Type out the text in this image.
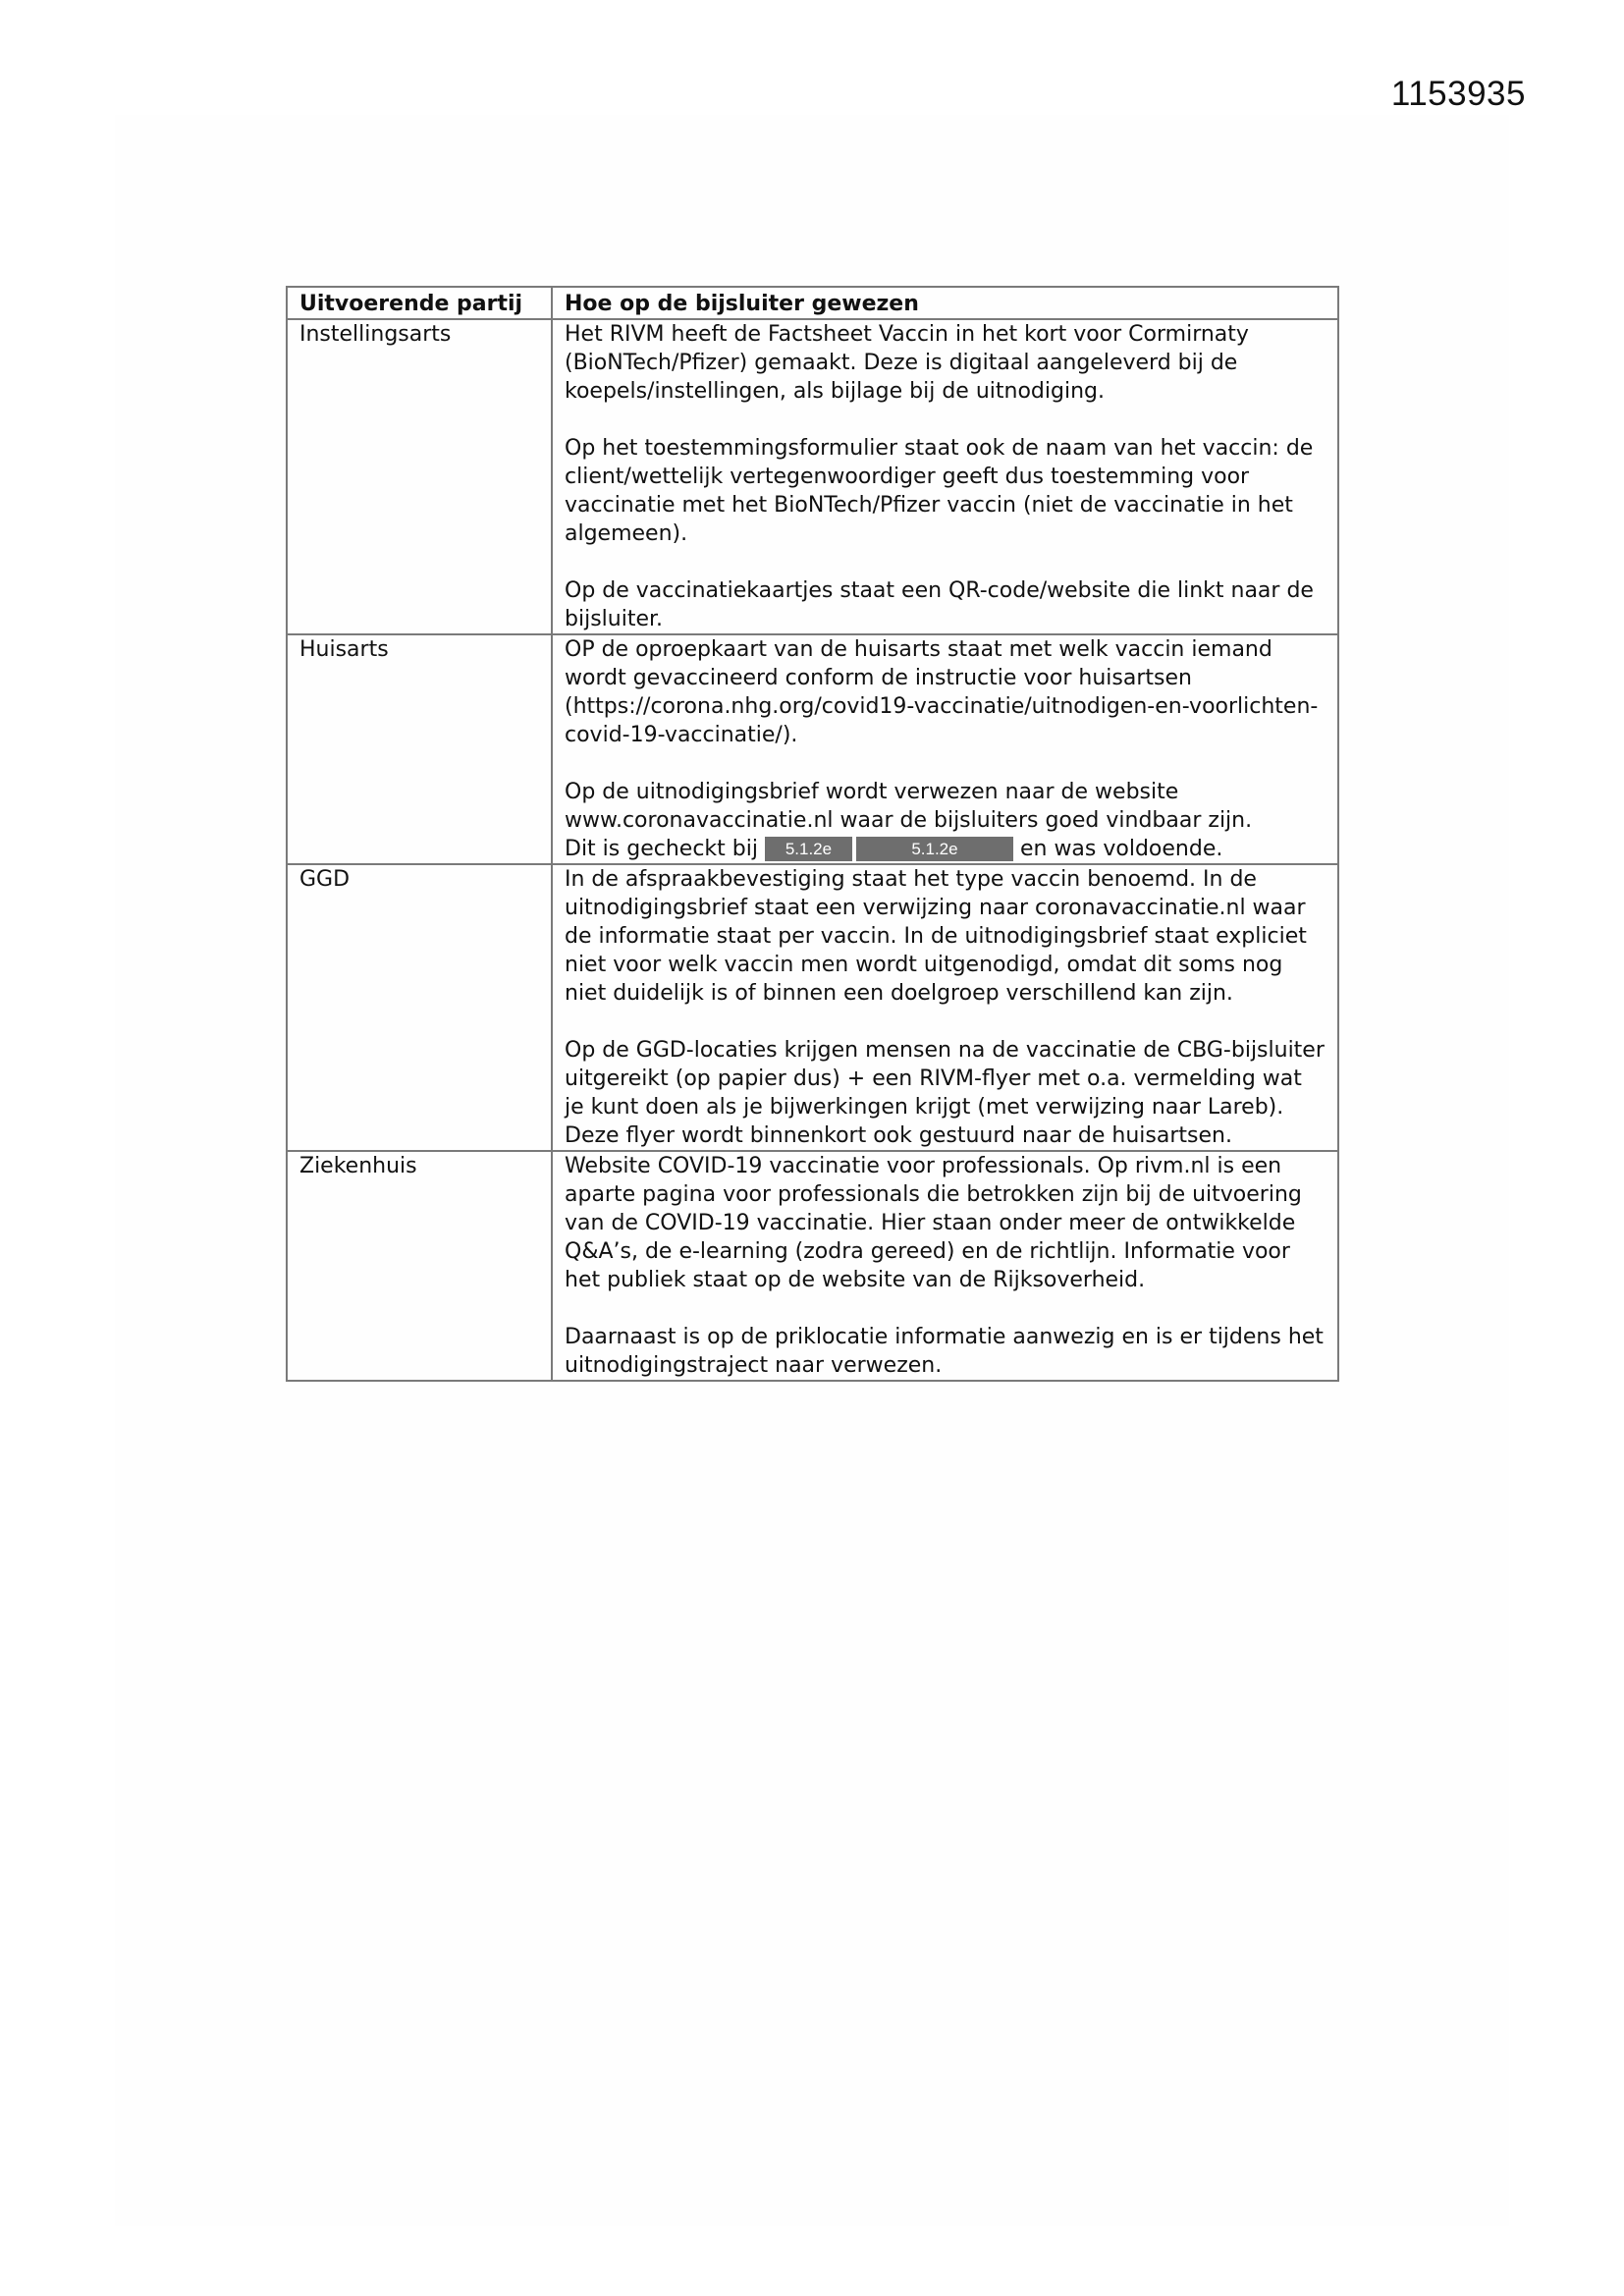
1153935
Uitvoerende partij	Hoe op de bijsluiter gewezen
Instellingsarts	Het RIVM heeft de Factsheet Vaccin in het kort voor Cormirnaty (BioNTech/Pfizer) gemaakt. Deze is digitaal aangeleverd bij de koepels/instellingen, als bijlage bij de uitnodiging.

Op het toestemmingsformulier staat ook de naam van het vaccin: de client/wettelijk vertegenwoordiger geeft dus toestemming voor vaccinatie met het BioNTech/Pfizer vaccin (niet de vaccinatie in het algemeen).

Op de vaccinatiekaartjes staat een QR-code/website die linkt naar de bijsluiter.

Huisarts	OP de oproepkaart van de huisarts staat met welk vaccin iemand wordt gevaccineerd conform de instructie voor huisartsen (https://corona.nhg.org/covid19-vaccinatie/uitnodigen-en-voorlichten-covid-19-vaccinatie/).

Op de uitnodigingsbrief wordt verwezen naar de website www.coronavaccinatie.nl waar de bijsluiters goed vindbaar zijn.
Dit is gecheckt bij 5.1.2e 5.1.2e en was voldoende.

GGD	In de afspraakbevestiging staat het type vaccin benoemd. In de uitnodigingsbrief staat een verwijzing naar coronavaccinatie.nl waar de informatie staat per vaccin. In de uitnodigingsbrief staat expliciet niet voor welk vaccin men wordt uitgenodigd, omdat dit soms nog niet duidelijk is of binnen een doelgroep verschillend kan zijn.

Op de GGD-locaties krijgen mensen na de vaccinatie de CBG-bijsluiter uitgereikt (op papier dus) + een RIVM-flyer met o.a. vermelding wat je kunt doen als je bijwerkingen krijgt (met verwijzing naar Lareb). Deze flyer wordt binnenkort ook gestuurd naar de huisartsen.

Ziekenhuis	Website COVID-19 vaccinatie voor professionals. Op rivm.nl is een aparte pagina voor professionals die betrokken zijn bij de uitvoering van de COVID-19 vaccinatie. Hier staan onder meer de ontwikkelde Q&A’s, de e-learning (zodra gereed) en de richtlijn. Informatie voor het publiek staat op de website van de Rijksoverheid.

Daarnaast is op de priklocatie informatie aanwezig en is er tijdens het uitnodigingstraject naar verwezen.
